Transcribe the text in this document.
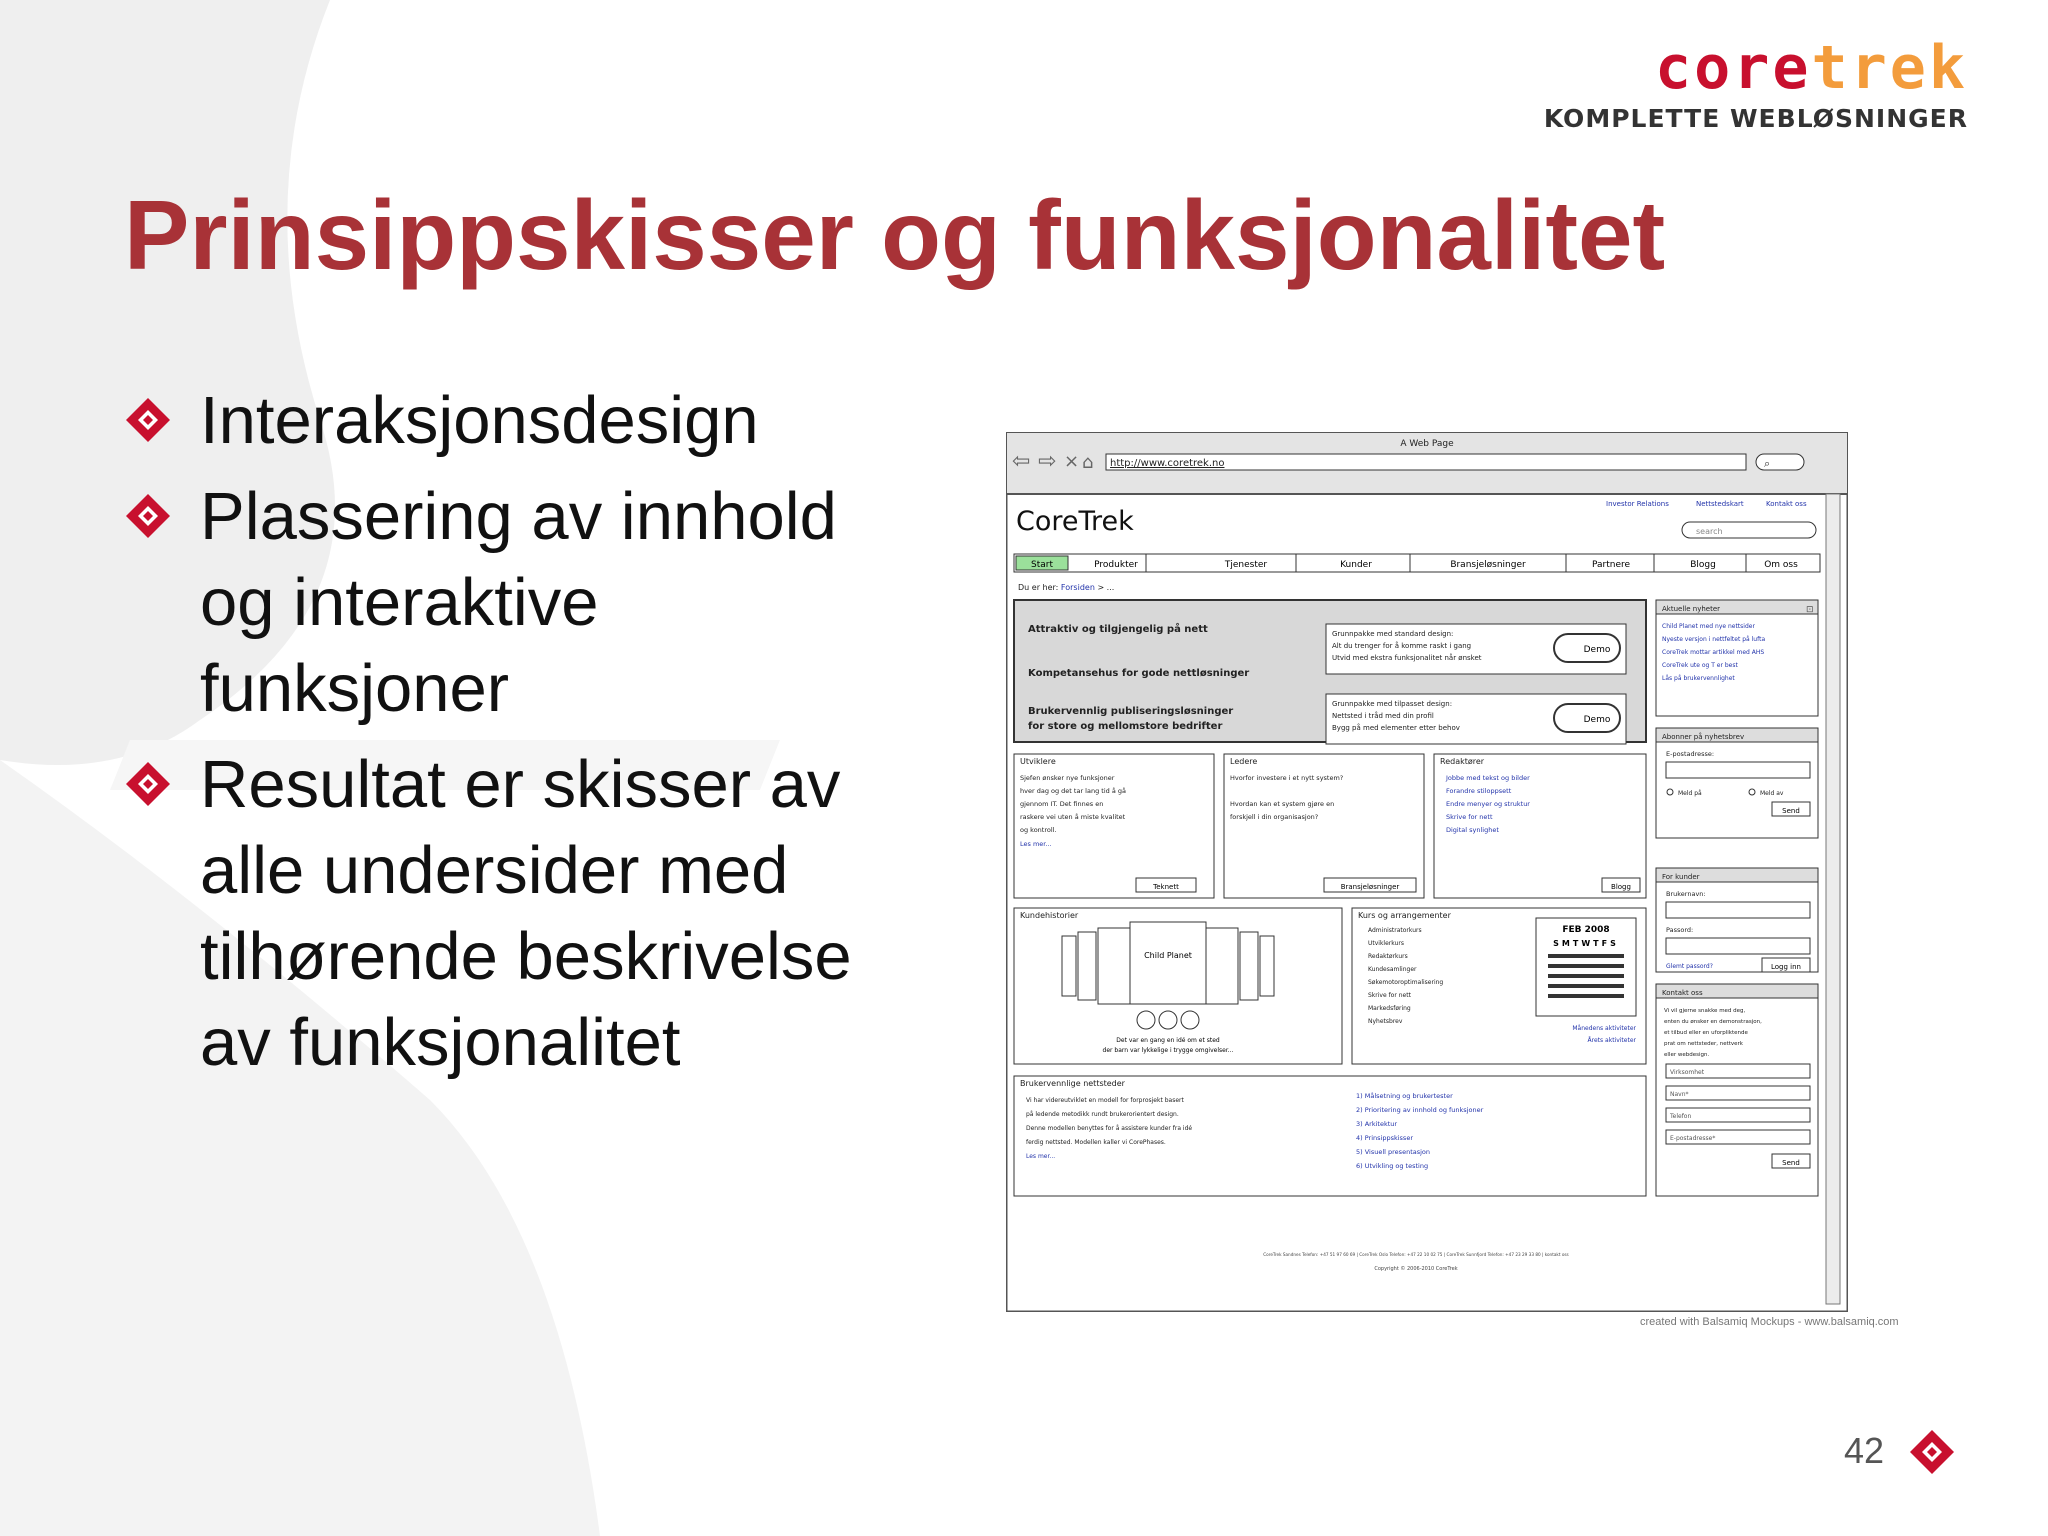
coretrek
KOMPLETTE WEBLØSNINGER
Prinsippskisser og funksjonalitet
Interaksjonsdesign
Plassering av innhold og interaktive funksjoner
Resultat er skisser av alle undersider med tilhørende beskrivelse av funksjonalitet
A Web Page
⇦ ⇨ × ⌂ http://www.coretrek.no	⌕
CoreTrek
Investor Relations	Nettstedskart	Kontakt oss
search
Start	Produkter	Tjenester	Kunder	Bransjeløsninger	Partnere	Blogg	Om oss
Du er her: Forsiden > ...
Attraktiv og tilgjengelig på nett
Kompetansehus for gode nettløsninger
Brukervennlig publiseringsløsninger
for store og mellomstore bedrifter
Grunnpakke med standard design:
Alt du trenger for å komme raskt i gang
Utvid med ekstra funksjonalitet når ønsket
Demo
Grunnpakke med tilpasset design:
Nettsted i tråd med din profil
Bygg på med elementer etter behov
Demo
Utviklere
Sjefen ønsker nye funksjoner
hver dag og det tar lang tid å gå
gjennom IT. Det finnes en
raskere vei uten å miste kvalitet
og kontroll.
Les mer...
Teknett
Ledere
Hvorfor investere i et nytt system?
Hvordan kan et system gjøre en
forskjell i din organisasjon?
Bransjeløsninger
Redaktører
Jobbe med tekst og bilder
Forandre stiloppsett
Endre menyer og struktur
Skrive for nett
Digital synlighet
Blogg
Kundehistorier
Child Planet
Det var en gang en idé om et sted
der barn var lykkelige i trygge omgivelser...
Kurs og arrangementer
Administratorkurs
Utviklerkurs
Redaktørkurs
Kundesamlinger
Søkemotoroptimalisering
Skrive for nett
Markedsføring
Nyhetsbrev
FEB 2008
SMTWTFS
Månedens aktiviteter
Årets aktiviteter
Brukervennlige nettsteder
Vi har videreutviklet en modell for forprosjekt basert
på ledende metodikk rundt brukerorientert design.
Denne modellen benyttes for å assistere kunder fra idé
ferdig nettsted. Modellen kaller vi CorePhases.
Les mer...
1) Målsetning og brukertester
2) Prioritering av innhold og funksjoner
3) Arkitektur
4) Prinsippskisser
5) Visuell presentasjon
6) Utvikling og testing
Aktuelle nyheter	⊡
Child Planet med nye nettsider
Nyeste versjon i nettfeltet på lufta
CoreTrek mottar artikkel med AHS
CoreTrek ute og T er best
Lås på brukervennlighet
Abonner på nyhetsbrev
E-postadresse:
Meld på	Meld av
Send
For kunder
Brukernavn:
Passord:
Glemt passord?	Logg inn
Kontakt oss
Vi vil gjerne snakke med deg,
enten du ønsker en demonstrasjon,
et tilbud eller en uforpliktende
prat om nettsteder, nettverk
eller webdesign.
Virksomhet
Navn*
Telefon
E-postadresse*
Send
CoreTrek Sandnes Telefon: +47 51 97 60 69 | CoreTrek Oslo Telefon: +47 22 10 02 75 | CoreTrek Sunnfjord Telefon: +47 23 29 33 80 | kontakt oss
Copyright © 2006-2010 CoreTrek
created with Balsamiq Mockups - www.balsamiq.com
42
